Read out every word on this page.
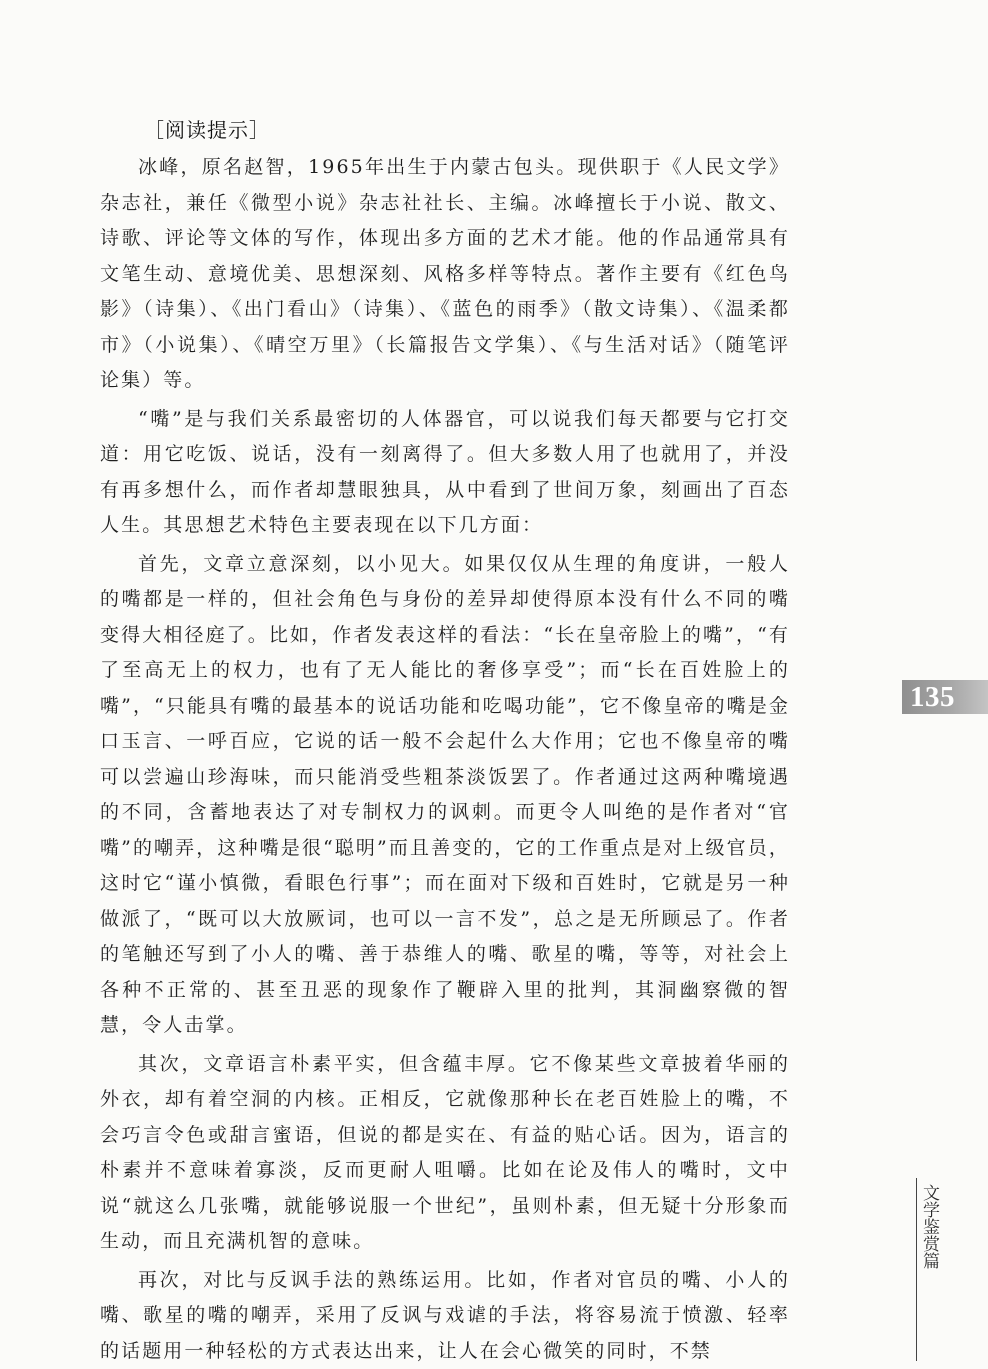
［阅读提示］

冰峰，原名赵智，1965年出生于内蒙古包头。现供职于《人民文学》杂志社，兼任《微型小说》杂志社社长、主编。冰峰擅长于小说、散文、诗歌、评论等文体的写作，体现出多方面的艺术才能。他的作品通常具有文笔生动、意境优美、思想深刻、风格多样等特点。著作主要有《红色鸟影》（诗集）、《出门看山》（诗集）、《蓝色的雨季》（散文诗集）、《温柔都市》（小说集）、《晴空万里》（长篇报告文学集）、《与生活对话》（随笔评论集）等。

“嘴”是与我们关系最密切的人体器官，可以说我们每天都要与它打交道：用它吃饭、说话，没有一刻离得了。但大多数人用了也就用了，并没有再多想什么，而作者却慧眼独具，从中看到了世间万象，刻画出了百态人生。其思想艺术特色主要表现在以下几方面：

首先，文章立意深刻，以小见大。如果仅仅从生理的角度讲，一般人的嘴都是一样的，但社会角色与身份的差异却使得原本没有什么不同的嘴变得大相径庭了。比如，作者发表这样的看法：“长在皇帝脸上的嘴”，“有了至高无上的权力，也有了无人能比的奢侈享受”；而“长在百姓脸上的嘴”，“只能具有嘴的最基本的说话功能和吃喝功能”，它不像皇帝的嘴是金口玉言、一呼百应，它说的话一般不会起什么大作用；它也不像皇帝的嘴可以尝遍山珍海味，而只能消受些粗茶淡饭罢了。作者通过这两种嘴境遇的不同，含蓄地表达了对专制权力的讽刺。而更令人叫绝的是作者对“官嘴”的嘲弄，这种嘴是很“聪明”而且善变的，它的工作重点是对上级官员，这时它“谨小慎微，看眼色行事”；而在面对下级和百姓时，它就是另一种做派了，“既可以大放厥词，也可以一言不发”，总之是无所顾忌了。作者的笔触还写到了小人的嘴、善于恭维人的嘴、歌星的嘴，等等，对社会上各种不正常的、甚至丑恶的现象作了鞭辟入里的批判，其洞幽察微的智慧，令人击掌。

其次，文章语言朴素平实，但含蕴丰厚。它不像某些文章披着华丽的外衣，却有着空洞的内核。正相反，它就像那种长在老百姓脸上的嘴，不会巧言令色或甜言蜜语，但说的都是实在、有益的贴心话。因为，语言的朴素并不意味着寡淡，反而更耐人咀嚼。比如在论及伟人的嘴时，文中说“就这么几张嘴，就能够说服一个世纪”，虽则朴素，但无疑十分形象而生动，而且充满机智的意味。

再次，对比与反讽手法的熟练运用。比如，作者对官员的嘴、小人的嘴、歌星的嘴的嘲弄，采用了反讽与戏谑的手法，将容易流于愤激、轻率的话题用一种轻松的方式表达出来，让人在会心微笑的同时，不禁

135
文学鉴赏篇
